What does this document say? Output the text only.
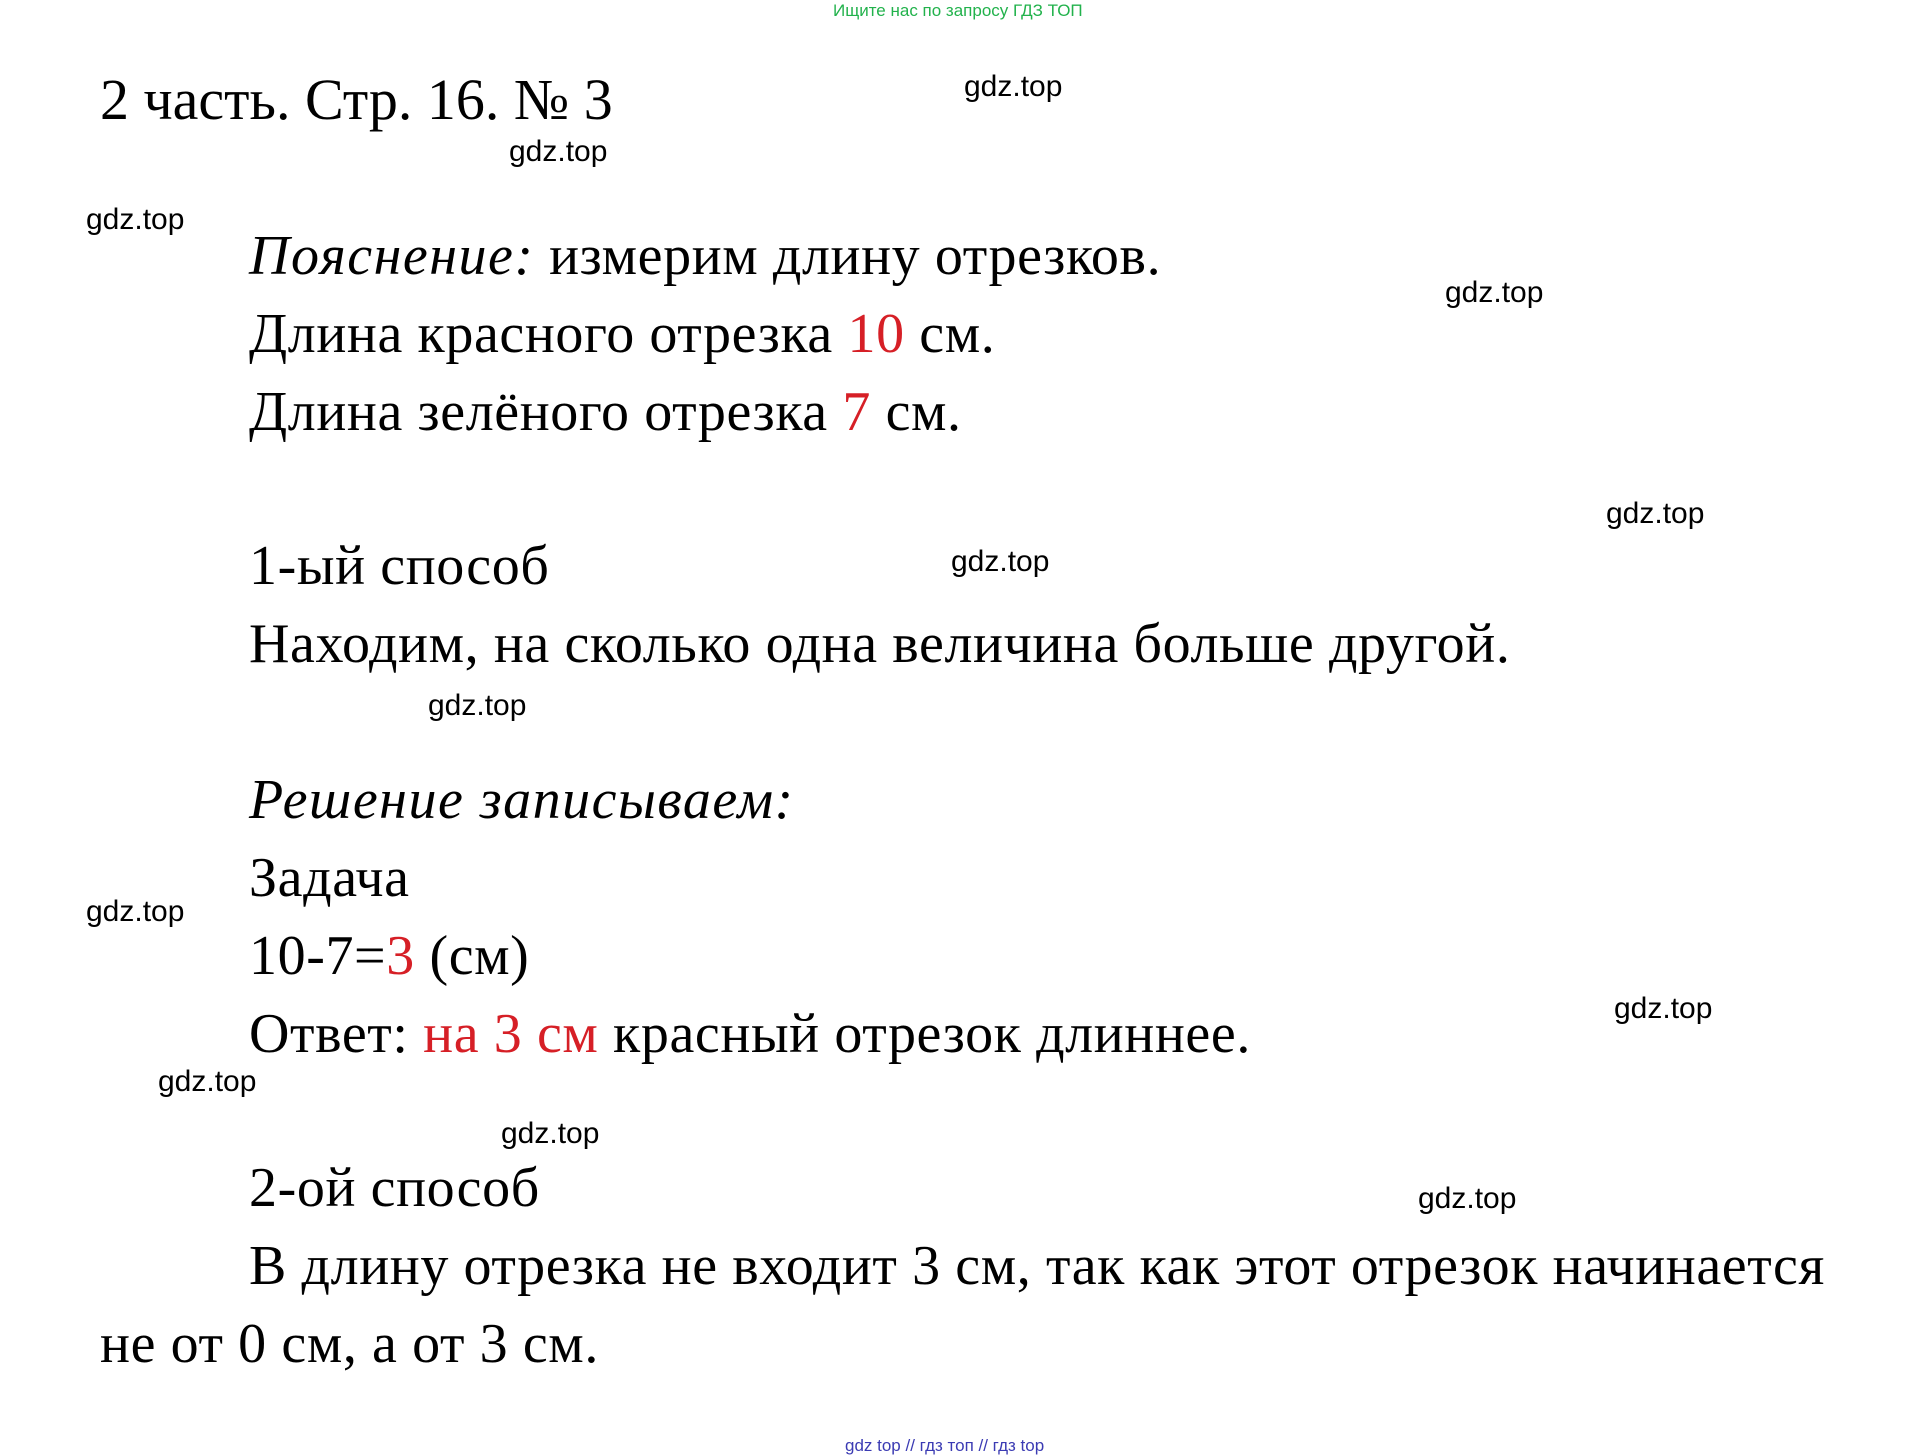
Ищите нас по запросу ГДЗ ТОП
2 часть. Стр. 16. № 3
Пояснение: измерим длину отрезков.
Длина красного отрезка 10 см.
Длина зелёного отрезка 7 см.
1-ый способ
Находим, на сколько одна величина больше другой.
Решение записываем:
Задача
10-7=3 (см)
Ответ: на 3 см красный отрезок длиннее.
2-ой способ
В длину отрезка не входит 3 см, так как этот отрезок начинается
не от 0 см, а от 3 см.
gdz.top
gdz.top
gdz.top
gdz.top
gdz.top
gdz.top
gdz.top
gdz.top
gdz.top
gdz.top
gdz.top
gdz.top
gdz top // гдз топ // гдз top
